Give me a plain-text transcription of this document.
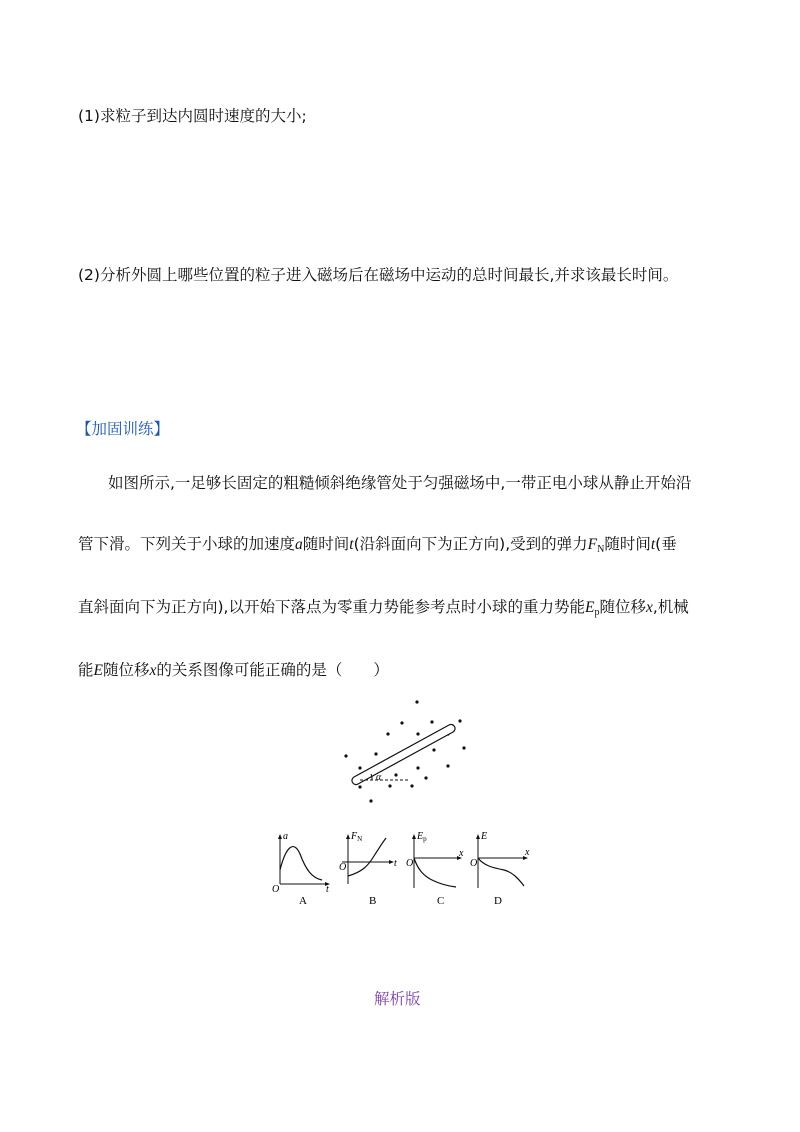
(1)求粒子到达内圆时速度的大小;
(2)分析外圆上哪些位置的粒子进入磁场后在磁场中运动的总时间最长,并求该最长时间。
【加固训练】
如图所示,一足够长固定的粗糙倾斜绝缘管处于匀强磁场中,一带正电小球从静止开始沿
管下滑。下列关于小球的加速度a随时间t(沿斜面向下为正方向),受到的弹力$F_N$随时间t(垂
直斜面向下为正方向),以开始下落点为零重力势能参考点时小球的重力势能$E_p$随位移x,机械
能E随位移x的关系图像可能正确的是（　　）
α
a
t
O
A
$F_N$
t
O
B
$E_p$
x
O
C
E
x
O
D
解析版
